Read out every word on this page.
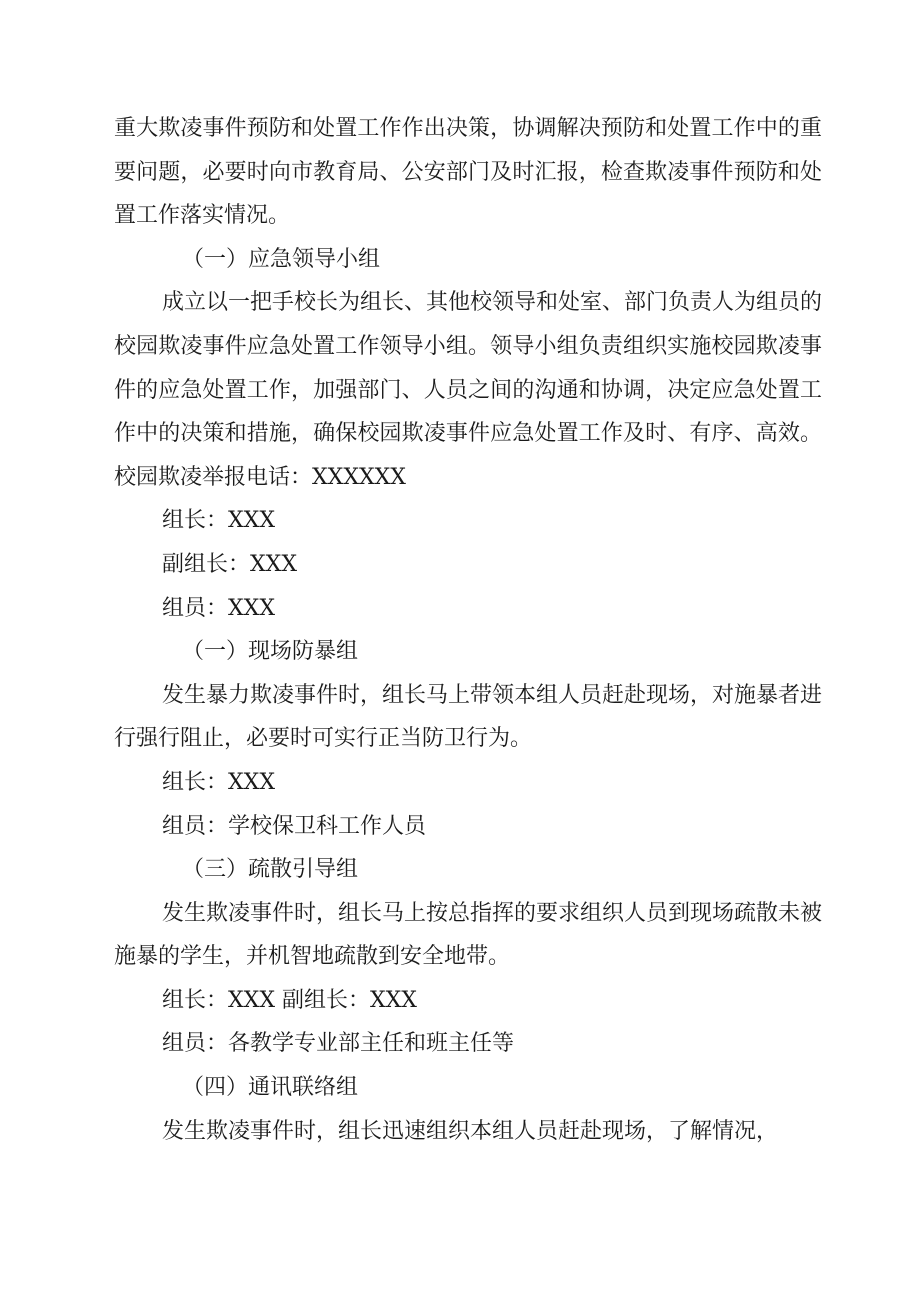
重大欺凌事件预防和处置工作作出决策，协调解决预防和处置工作中的重要问题，必要时向市教育局、公安部门及时汇报，检查欺凌事件预防和处置工作落实情况。

（一）应急领导小组

成立以一把手校长为组长、其他校领导和处室、部门负责人为组员的校园欺凌事件应急处置工作领导小组。领导小组负责组织实施校园欺凌事件的应急处置工作，加强部门、人员之间的沟通和协调，决定应急处置工作中的决策和措施，确保校园欺凌事件应急处置工作及时、有序、高效。校园欺凌举报电话：XXXXXX

组长：XXX

副组长：XXX

组员：XXX

（一）现场防暴组

发生暴力欺凌事件时，组长马上带领本组人员赶赴现场，对施暴者进行强行阻止，必要时可实行正当防卫行为。

组长：XXX

组员：学校保卫科工作人员

（三）疏散引导组

发生欺凌事件时，组长马上按总指挥的要求组织人员到现场疏散未被施暴的学生，并机智地疏散到安全地带。

组长：XXX 副组长：XXX

组员：各教学专业部主任和班主任等

（四）通讯联络组

发生欺凌事件时，组长迅速组织本组人员赶赴现场，了解情况，
